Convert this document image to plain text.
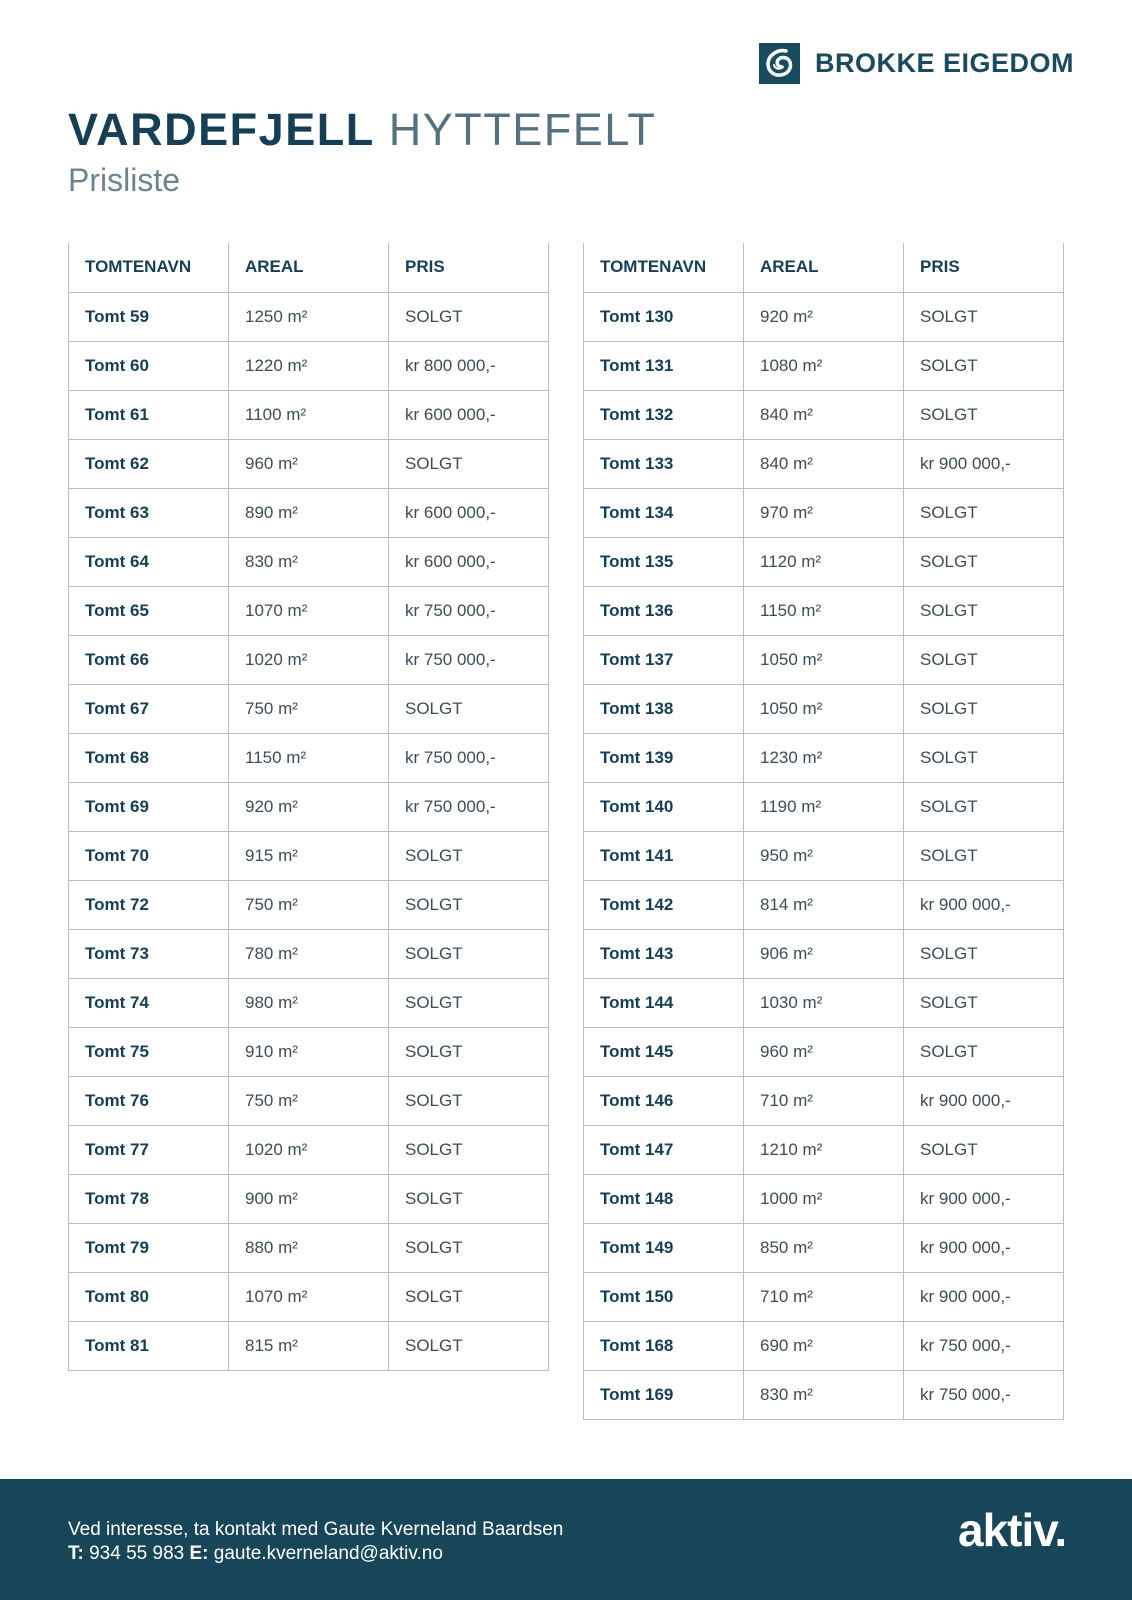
BROKKE EIGEDOM
VARDEFJELL HYTTEFELT
Prisliste
TOMTENAVN	AREAL	PRIS
Tomt 59	1250 m²	SOLGT
Tomt 60	1220 m²	kr 800 000,-
Tomt 61	1100 m²	kr 600 000,-
Tomt 62	960 m²	SOLGT
Tomt 63	890 m²	kr 600 000,-
Tomt 64	830 m²	kr 600 000,-
Tomt 65	1070 m²	kr 750 000,-
Tomt 66	1020 m²	kr 750 000,-
Tomt 67	750 m²	SOLGT
Tomt 68	1150 m²	kr 750 000,-
Tomt 69	920 m²	kr 750 000,-
Tomt 70	915 m²	SOLGT
Tomt 72	750 m²	SOLGT
Tomt 73	780 m²	SOLGT
Tomt 74	980 m²	SOLGT
Tomt 75	910 m²	SOLGT
Tomt 76	750 m²	SOLGT
Tomt 77	1020 m²	SOLGT
Tomt 78	900 m²	SOLGT
Tomt 79	880 m²	SOLGT
Tomt 80	1070 m²	SOLGT
Tomt 81	815 m²	SOLGT
TOMTENAVN	AREAL	PRIS
Tomt 130	920 m²	SOLGT
Tomt 131	1080 m²	SOLGT
Tomt 132	840 m²	SOLGT
Tomt 133	840 m²	kr 900 000,-
Tomt 134	970 m²	SOLGT
Tomt 135	1120 m²	SOLGT
Tomt 136	1150 m²	SOLGT
Tomt 137	1050 m²	SOLGT
Tomt 138	1050 m²	SOLGT
Tomt 139	1230 m²	SOLGT
Tomt 140	1190 m²	SOLGT
Tomt 141	950 m²	SOLGT
Tomt 142	814 m²	kr 900 000,-
Tomt 143	906 m²	SOLGT
Tomt 144	1030 m²	SOLGT
Tomt 145	960 m²	SOLGT
Tomt 146	710 m²	kr 900 000,-
Tomt 147	1210 m²	SOLGT
Tomt 148	1000 m²	kr 900 000,-
Tomt 149	850 m²	kr 900 000,-
Tomt 150	710 m²	kr 900 000,-
Tomt 168	690 m²	kr 750 000,-
Tomt 169	830 m²	kr 750 000,-
Ved interesse, ta kontakt med Gaute Kverneland Baardsen
T: 934 55 983 E: gaute.kverneland@aktiv.no	aktiv.
